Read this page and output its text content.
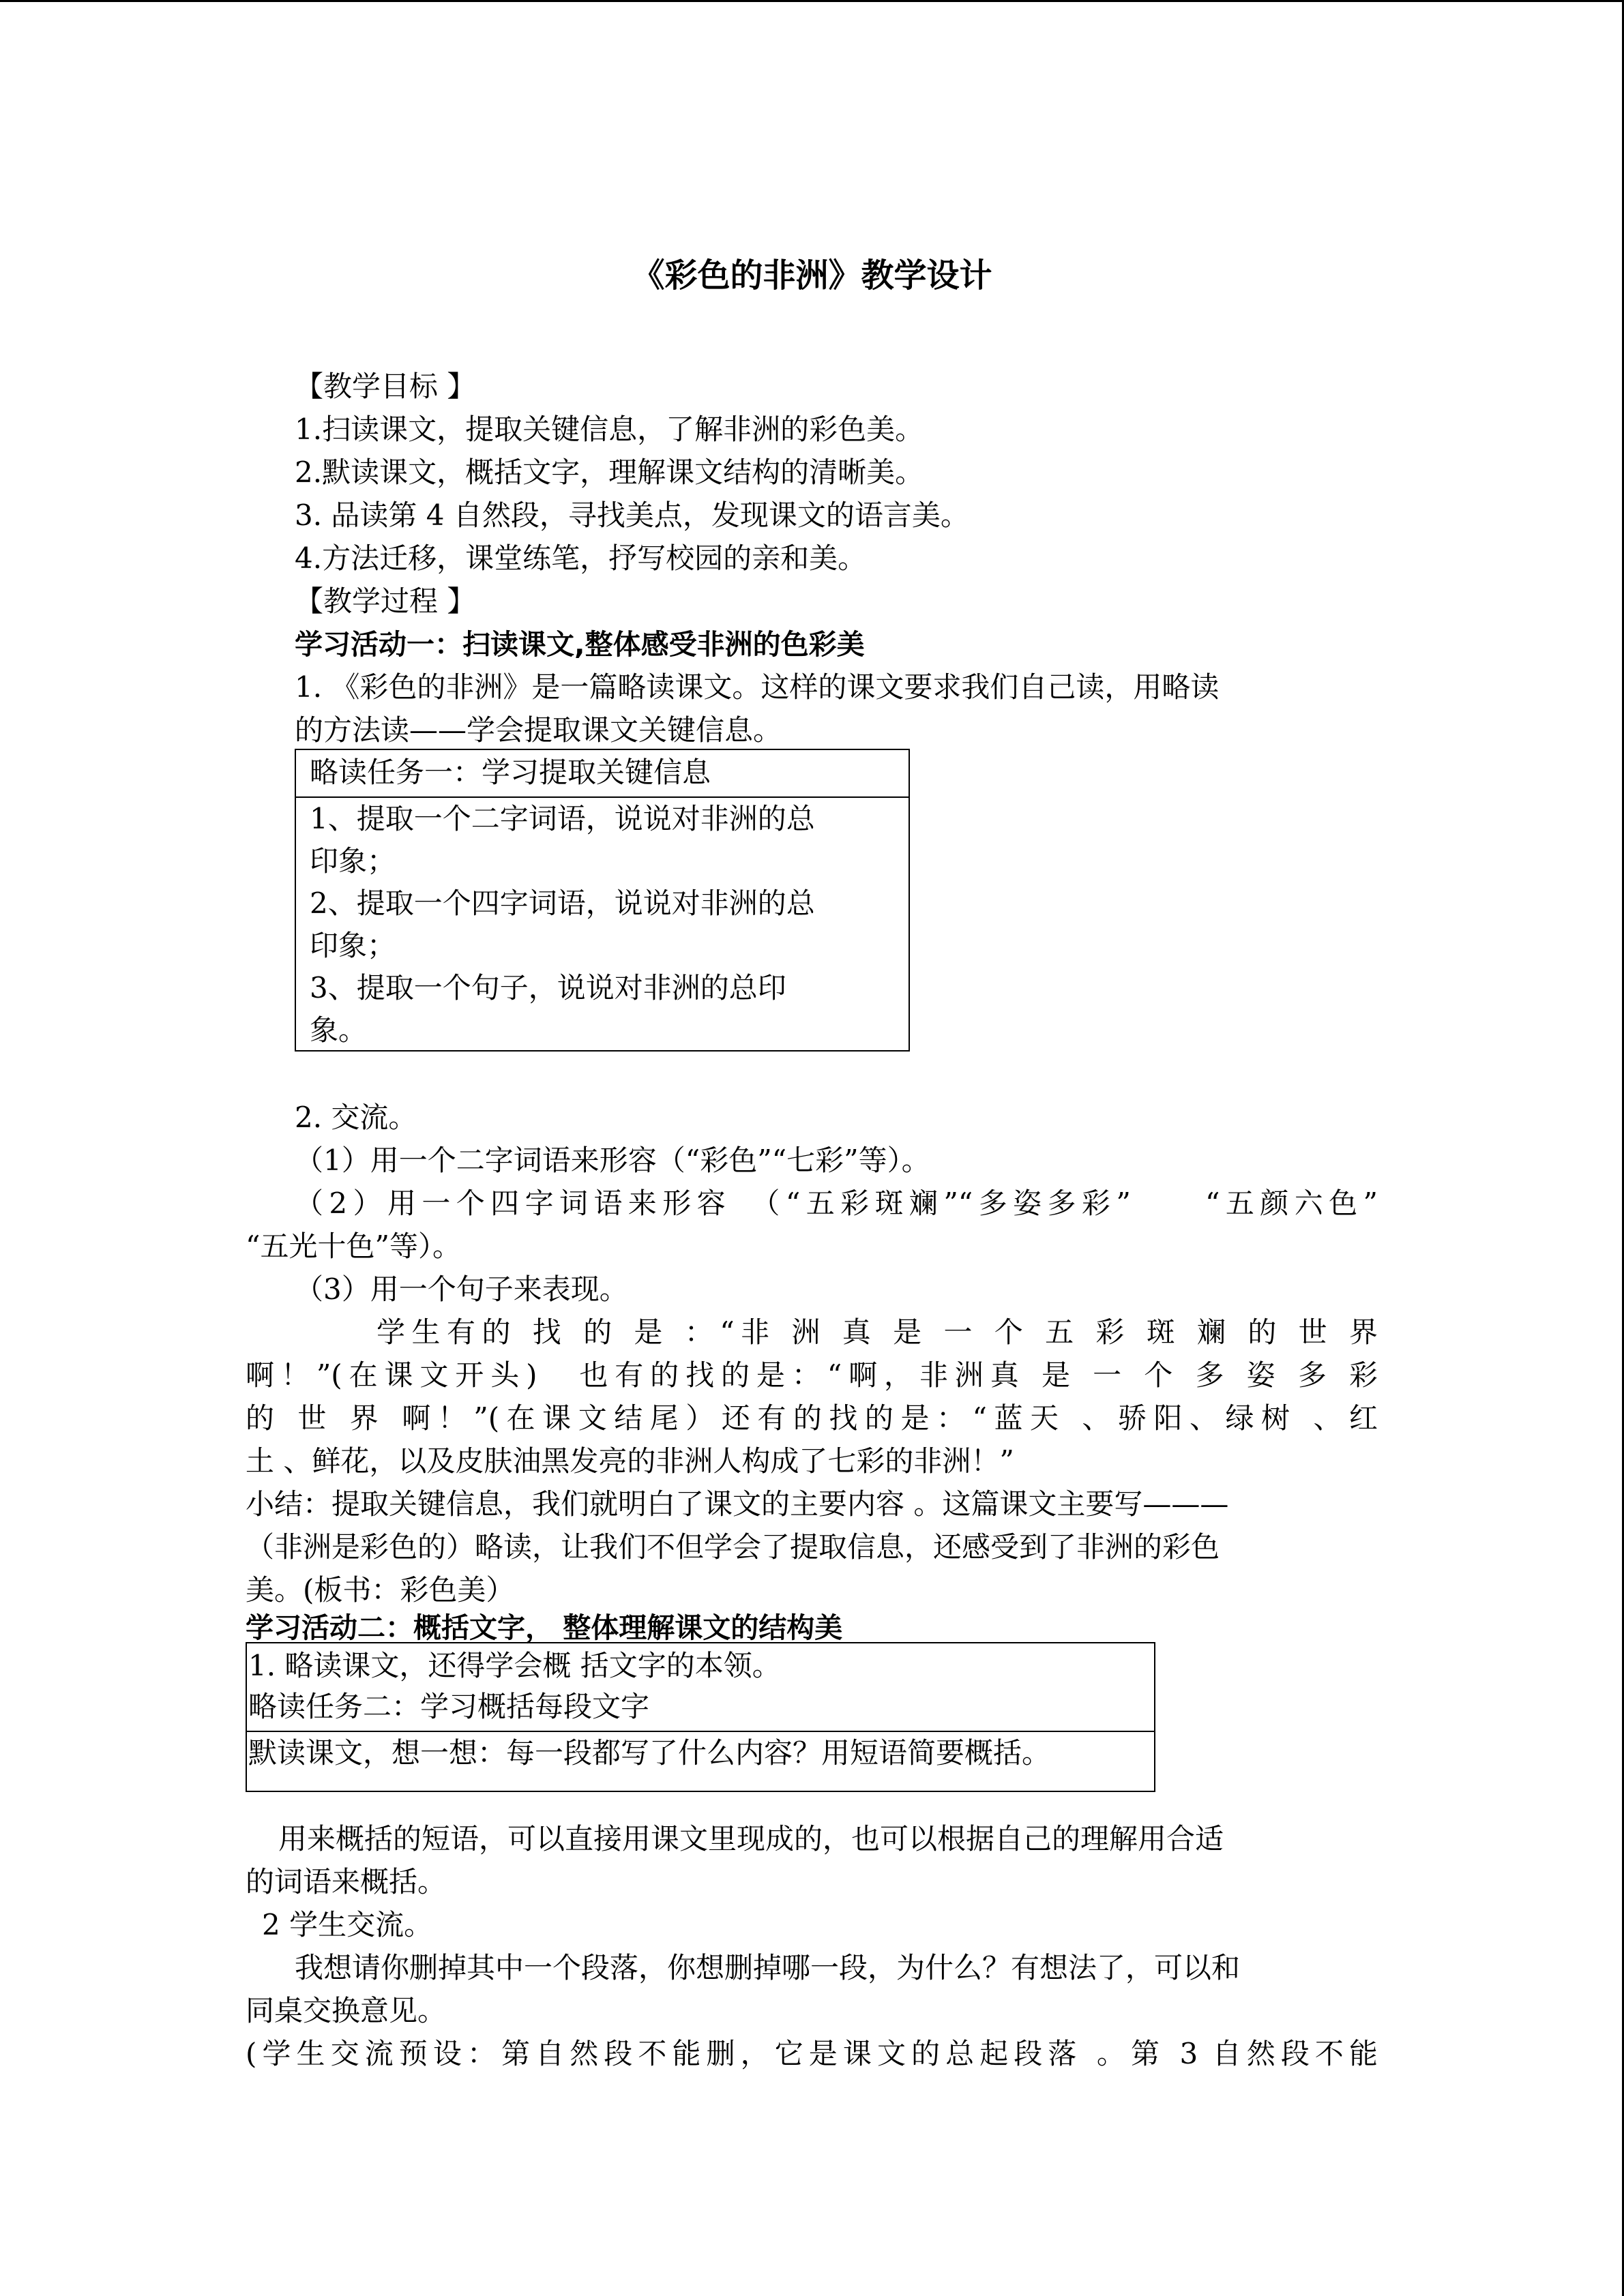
《彩色的非洲》教学设计
【教学目标 】
1.扫读课文，提取关键信息，了解非洲的彩色美。
2.默读课文，概括文字，理解课文结构的清晰美。
3. 品读第 4 自然段，寻找美点，发现课文的语言美。
4.方法迁移，课堂练笔，抒写校园的亲和美。
【教学过程 】
学习活动一：扫读课文,整体感受非洲的色彩美
1. 《彩色的非洲》是一篇略读课文。这样的课文要求我们自己读，用略读
的方法读——学会提取课文关键信息。
略读任务一：学习提取关键信息
1、提取一个二字词语，说说对非洲的总
印象；
2、提取一个四字词语，说说对非洲的总
印象；
3、提取一个句子，说说对非洲的总印
象。
2. 交流。
（1）用一个二字词语来形容（“彩色”“七彩”等）。
（2）用一个四字词语来形容　（“五彩斑斓”“多姿多彩”　　“五颜六色”
“五光十色”等）。
（3）用一个句子来表现。
学生有的 找 的 是 ：“非 洲 真 是 一 个 五 彩 斑 斓 的 世 界
啊！”(在课文开头)　也有的找的是：“啊，非洲真 是 一 个 多 姿 多 彩
的 世 界 啊！”(在课文结尾）还有的找的是：“蓝天 、骄阳、绿树 、红
土 、鲜花，以及皮肤油黑发亮的非洲人构成了七彩的非洲！”
小结：提取关键信息，我们就明白了课文的主要内容 。这篇课文主要写———
（非洲是彩色的）略读，让我们不但学会了提取信息，还感受到了非洲的彩色
美。(板书：彩色美）
学习活动二：概括文字， 整体理解课文的结构美
1. 略读课文，还得学会概 括文字的本领。
略读任务二：学习概括每段文字
默读课文，想一想：每一段都写了什么内容？用短语简要概括。
用来概括的短语，可以直接用课文里现成的，也可以根据自己的理解用合适
的词语来概括。
2 学生交流。
我想请你删掉其中一个段落，你想删掉哪一段，为什么？有想法了，可以和
同桌交换意见。
(学生交流预设：第自然段不能删，它是课文的总起段落 。第 3 自然段不能
